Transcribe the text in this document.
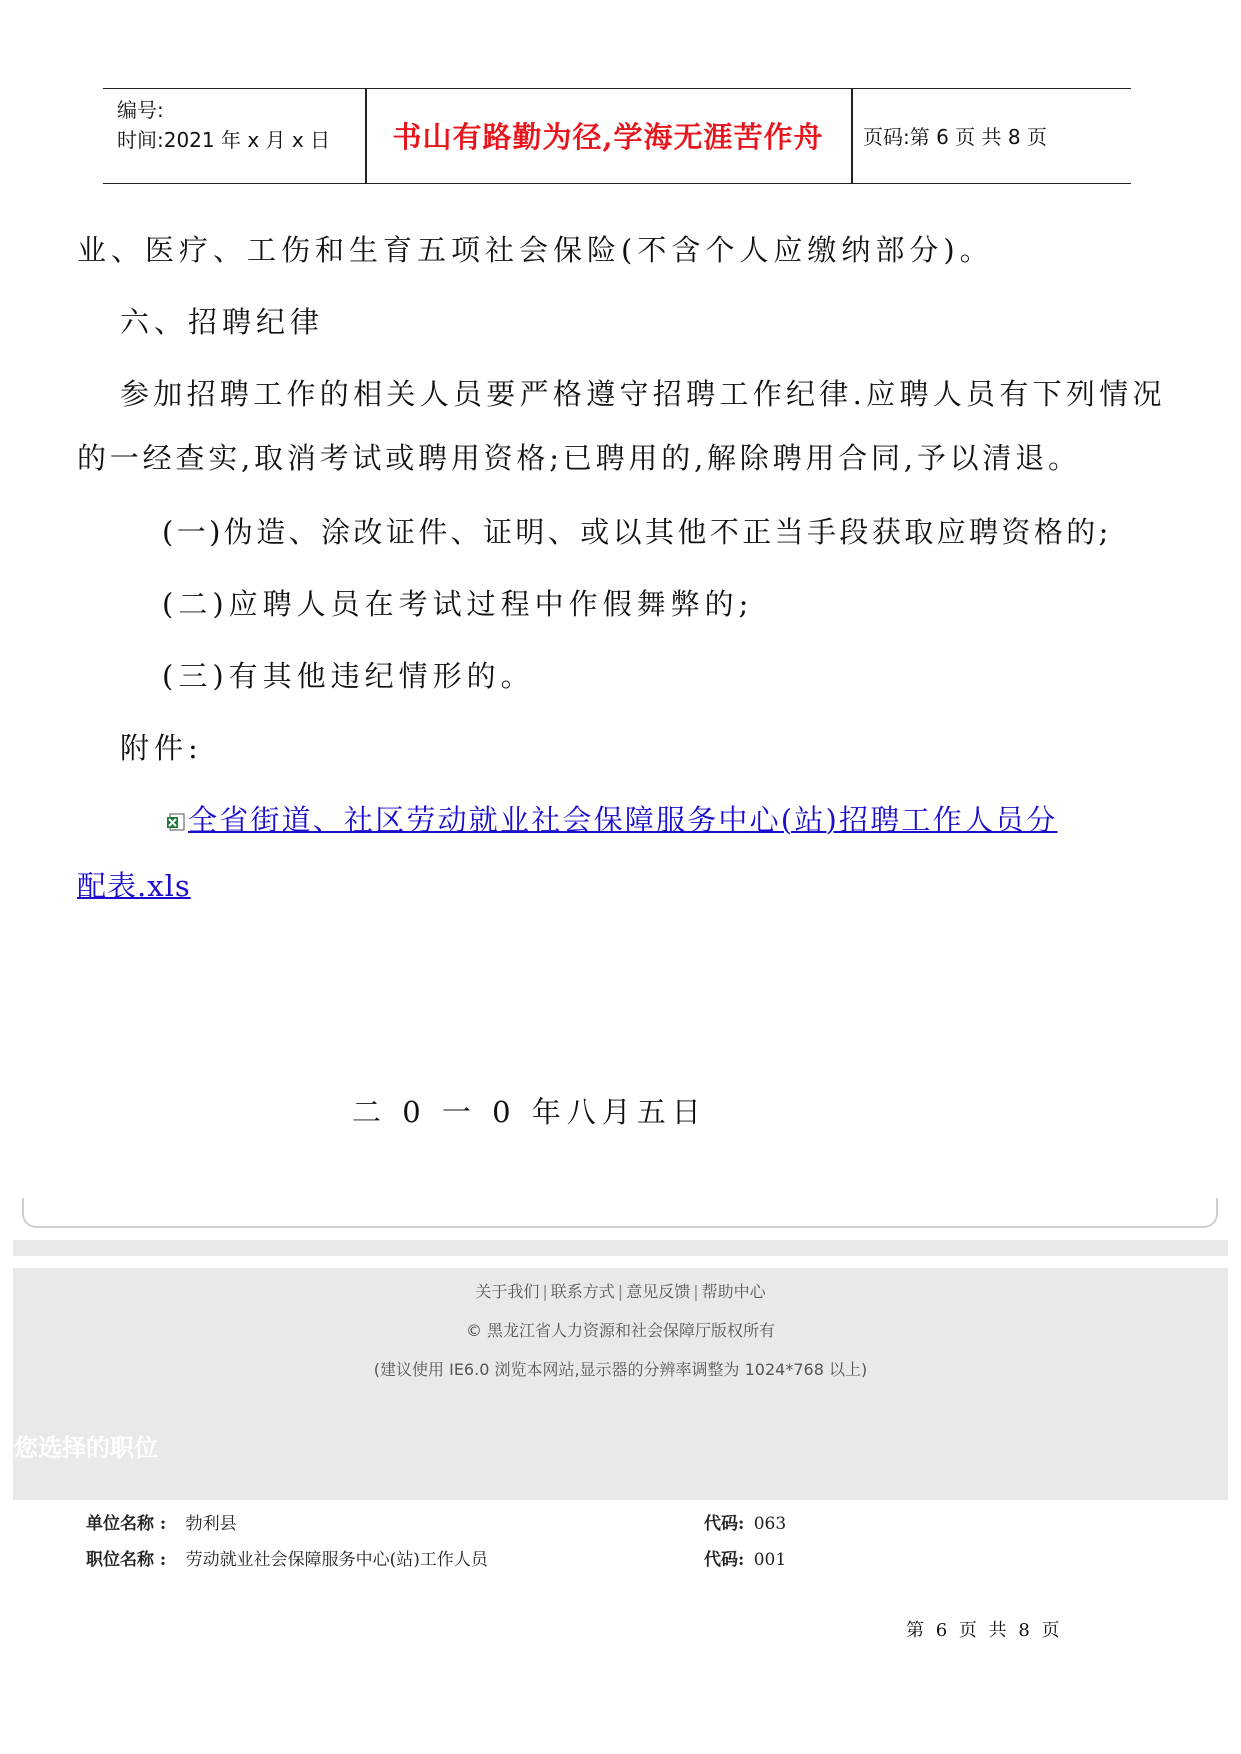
编号:
时间:2021 年 x 月 x 日	书山有路勤为径,学海无涯苦作舟	页码:第 6 页 共 8 页
业、医疗、工伤和生育五项社会保险(不含个人应缴纳部分)。
六、招聘纪律
参加招聘工作的相关人员要严格遵守招聘工作纪律.应聘人员有下列情况
的一经查实,取消考试或聘用资格;已聘用的,解除聘用合同,予以清退。
(一)伪造、涂改证件、证明、或以其他不正当手段获取应聘资格的;
(二)应聘人员在考试过程中作假舞弊的;
(三)有其他违纪情形的。
附件:
全省街道、社区劳动就业社会保障服务中心(站)招聘工作人员分
配表.xls
二 0 一 0 年八月五日
关于我们 | 联系方式 | 意见反馈 | 帮助中心
© 黑龙江省人力资源和社会保障厅版权所有
(建议使用 IE6.0 浏览本网站,显示器的分辨率调整为 1024*768 以上)
您选择的职位
单位名称 : 勃利县	代码: 063
职位名称 : 劳动就业社会保障服务中心(站)工作人员	代码: 001
第 6 页 共 8 页
